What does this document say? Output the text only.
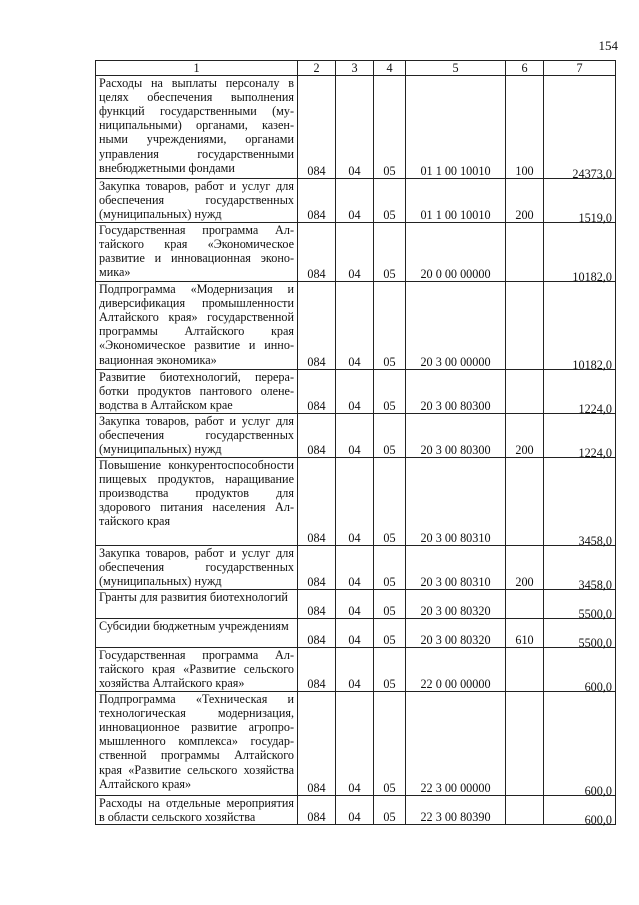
154
1	2	3	4	5	6	7

Расходы на выплаты персоналу в целях обеспечения выполнения функций государственными (муниципальными) органами, казенными учреждениями, органами управления государственными внебюджетными фондами	084	04	05	01 1 00 10010	100	24373,0

Закупка товаров, работ и услуг для обеспечения государственных (муниципальных) нужд	084	04	05	01 1 00 10010	200	1519,0

Государственная программа Алтайского края «Экономическое развитие и инновационная экономика»	084	04	05	20 0 00 00000		10182,0

Подпрограмма «Модернизация и диверсификация промышленности Алтайского края» государственной программы Алтайского края «Экономическое развитие и инновационная экономика»	084	04	05	20 3 00 00000		10182,0

Развитие биотехнологий, переработки продуктов пантового оленеводства в Алтайском крае	084	04	05	20 3 00 80300		1224,0

Закупка товаров, работ и услуг для обеспечения государственных (муниципальных) нужд	084	04	05	20 3 00 80300	200	1224,0

Повышение конкурентоспособности пищевых продуктов, наращивание производства продуктов для здорового питания населения Алтайского края	084	04	05	20 3 00 80310		3458,0

Закупка товаров, работ и услуг для обеспечения государственных (муниципальных) нужд	084	04	05	20 3 00 80310	200	3458,0

Гранты для развития биотехнологий	084	04	05	20 3 00 80320		5500,0

Субсидии бюджетным учреждениям	084	04	05	20 3 00 80320	610	5500,0

Государственная программа Алтайского края «Развитие сельского хозяйства Алтайского края»	084	04	05	22 0 00 00000		600,0

Подпрограмма «Техническая и технологическая модернизация, инновационное развитие агропромышленного комплекса» государственной программы Алтайского края «Развитие сельского хозяйства Алтайского края»	084	04	05	22 3 00 00000		600,0

Расходы на отдельные мероприятия в области сельского хозяйства	084	04	05	22 3 00 80390		600,0
